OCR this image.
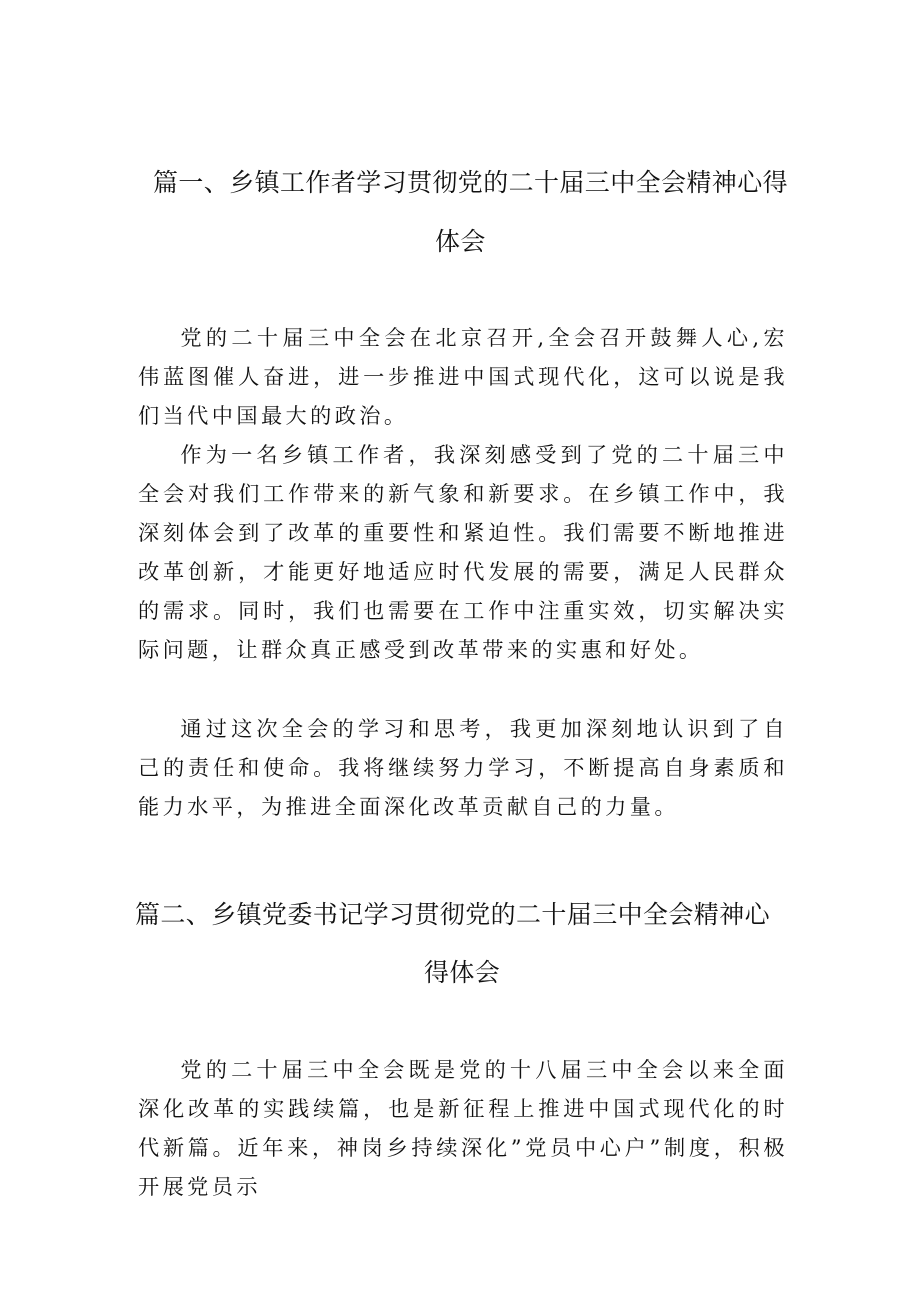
篇一、乡镇工作者学习贯彻党的二十届三中全会精神心得
体会

党的二十届三中全会在北京召开,全会召开鼓舞人心,宏伟蓝图催人奋进，进一步推进中国式现代化，这可以说是我们当代中国最大的政治。

作为一名乡镇工作者，我深刻感受到了党的二十届三中全会对我们工作带来的新气象和新要求。在乡镇工作中，我深刻体会到了改革的重要性和紧迫性。我们需要不断地推进改革创新，才能更好地适应时代发展的需要，满足人民群众的需求。同时，我们也需要在工作中注重实效，切实解决实际问题，让群众真正感受到改革带来的实惠和好处。

通过这次全会的学习和思考，我更加深刻地认识到了自己的责任和使命。我将继续努力学习，不断提高自身素质和能力水平，为推进全面深化改革贡献自己的力量。

篇二、乡镇党委书记学习贯彻党的二十届三中全会精神心
得体会

党的二十届三中全会既是党的十八届三中全会以来全面深化改革的实践续篇，也是新征程上推进中国式现代化的时代新篇。近年来，神岗乡持续深化”党员中心户”制度，积极开展党员示
